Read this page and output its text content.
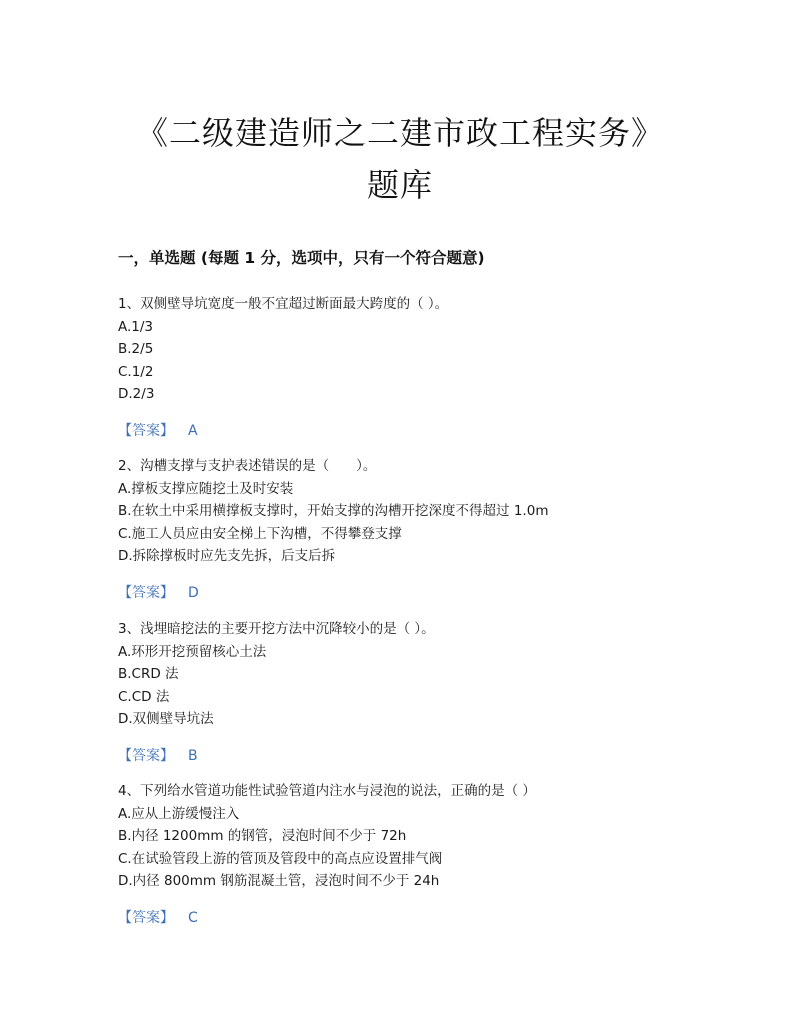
《二级建造师之二建市政工程实务》
题库
一，单选题 (每题 1 分，选项中，只有一个符合题意)
1、双侧壁导坑宽度一般不宜超过断面最大跨度的（ ）。
A.1/3
B.2/5
C.1/2
D.2/3
【答案】 A
2、沟槽支撑与支护表述错误的是（　　）。
A.撑板支撑应随挖土及时安装
B.在软土中采用横撑板支撑时，开始支撑的沟槽开挖深度不得超过 1.0m
C.施工人员应由安全梯上下沟槽，不得攀登支撑
D.拆除撑板时应先支先拆，后支后拆
【答案】 D
3、浅埋暗挖法的主要开挖方法中沉降较小的是（ ）。
A.环形开挖预留核心土法
B.CRD 法
C.CD 法
D.双侧壁导坑法
【答案】 B
4、下列给水管道功能性试验管道内注水与浸泡的说法，正确的是（ ）
A.应从上游缓慢注入
B.内径 1200mm 的钢管，浸泡时间不少于 72h
C.在试验管段上游的管顶及管段中的高点应设置排气阀
D.内径 800mm 钢筋混凝土管，浸泡时间不少于 24h
【答案】 C
